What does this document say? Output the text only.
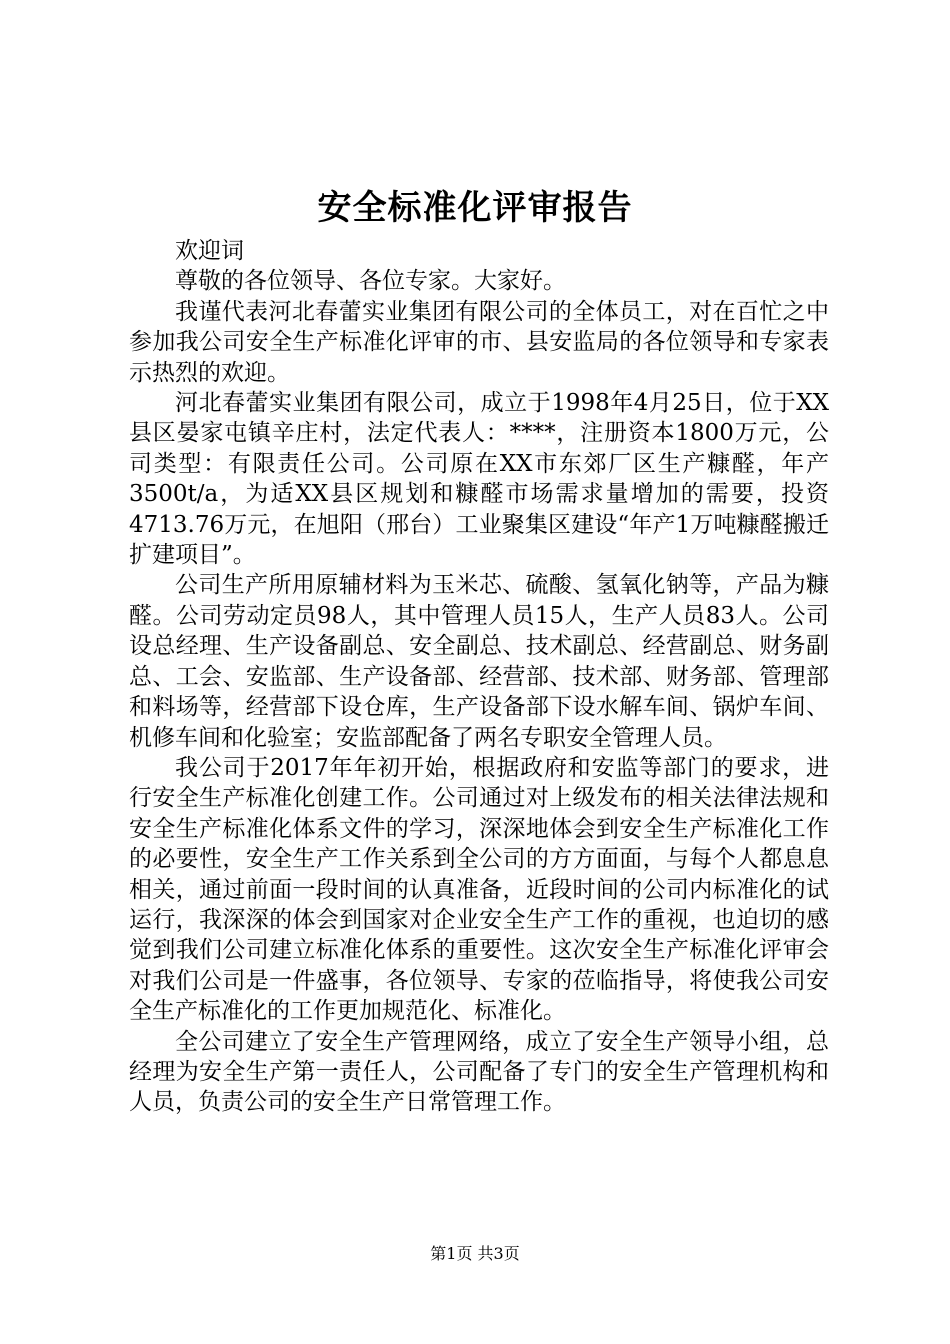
安全标准化评审报告

欢迎词

尊敬的各位领导、各位专家。大家好。

我谨代表河北春蕾实业集团有限公司的全体员工，对在百忙之中参加我公司安全生产标准化评审的市、县安监局的各位领导和专家表示热烈的欢迎。

河北春蕾实业集团有限公司，成立于1998年4月25日，位于XX县区晏家屯镇辛庄村，法定代表人：****，注册资本1800万元，公司类型：有限责任公司。公司原在XX市东郊厂区生产糠醛，年产3500t/a，为适XX县区规划和糠醛市场需求量增加的需要，投资4713.76万元，在旭阳（邢台）工业聚集区建设“年产1万吨糠醛搬迁扩建项目”。

公司生产所用原辅材料为玉米芯、硫酸、氢氧化钠等，产品为糠醛。公司劳动定员98人，其中管理人员15人，生产人员83人。公司设总经理、生产设备副总、安全副总、技术副总、经营副总、财务副总、工会、安监部、生产设备部、经营部、技术部、财务部、管理部和料场等，经营部下设仓库，生产设备部下设水解车间、锅炉车间、机修车间和化验室；安监部配备了两名专职安全管理人员。

我公司于2017年年初开始，根据政府和安监等部门的要求，进行安全生产标准化创建工作。公司通过对上级发布的相关法律法规和安全生产标准化体系文件的学习，深深地体会到安全生产标准化工作的必要性，安全生产工作关系到全公司的方方面面，与每个人都息息相关，通过前面一段时间的认真准备，近段时间的公司内标准化的试运行，我深深的体会到国家对企业安全生产工作的重视，也迫切的感觉到我们公司建立标准化体系的重要性。这次安全生产标准化评审会对我们公司是一件盛事，各位领导、专家的莅临指导，将使我公司安全生产标准化的工作更加规范化、标准化。

全公司建立了安全生产管理网络，成立了安全生产领导小组，总经理为安全生产第一责任人，公司配备了专门的安全生产管理机构和人员，负责公司的安全生产日常管理工作。

第1页 共3页
